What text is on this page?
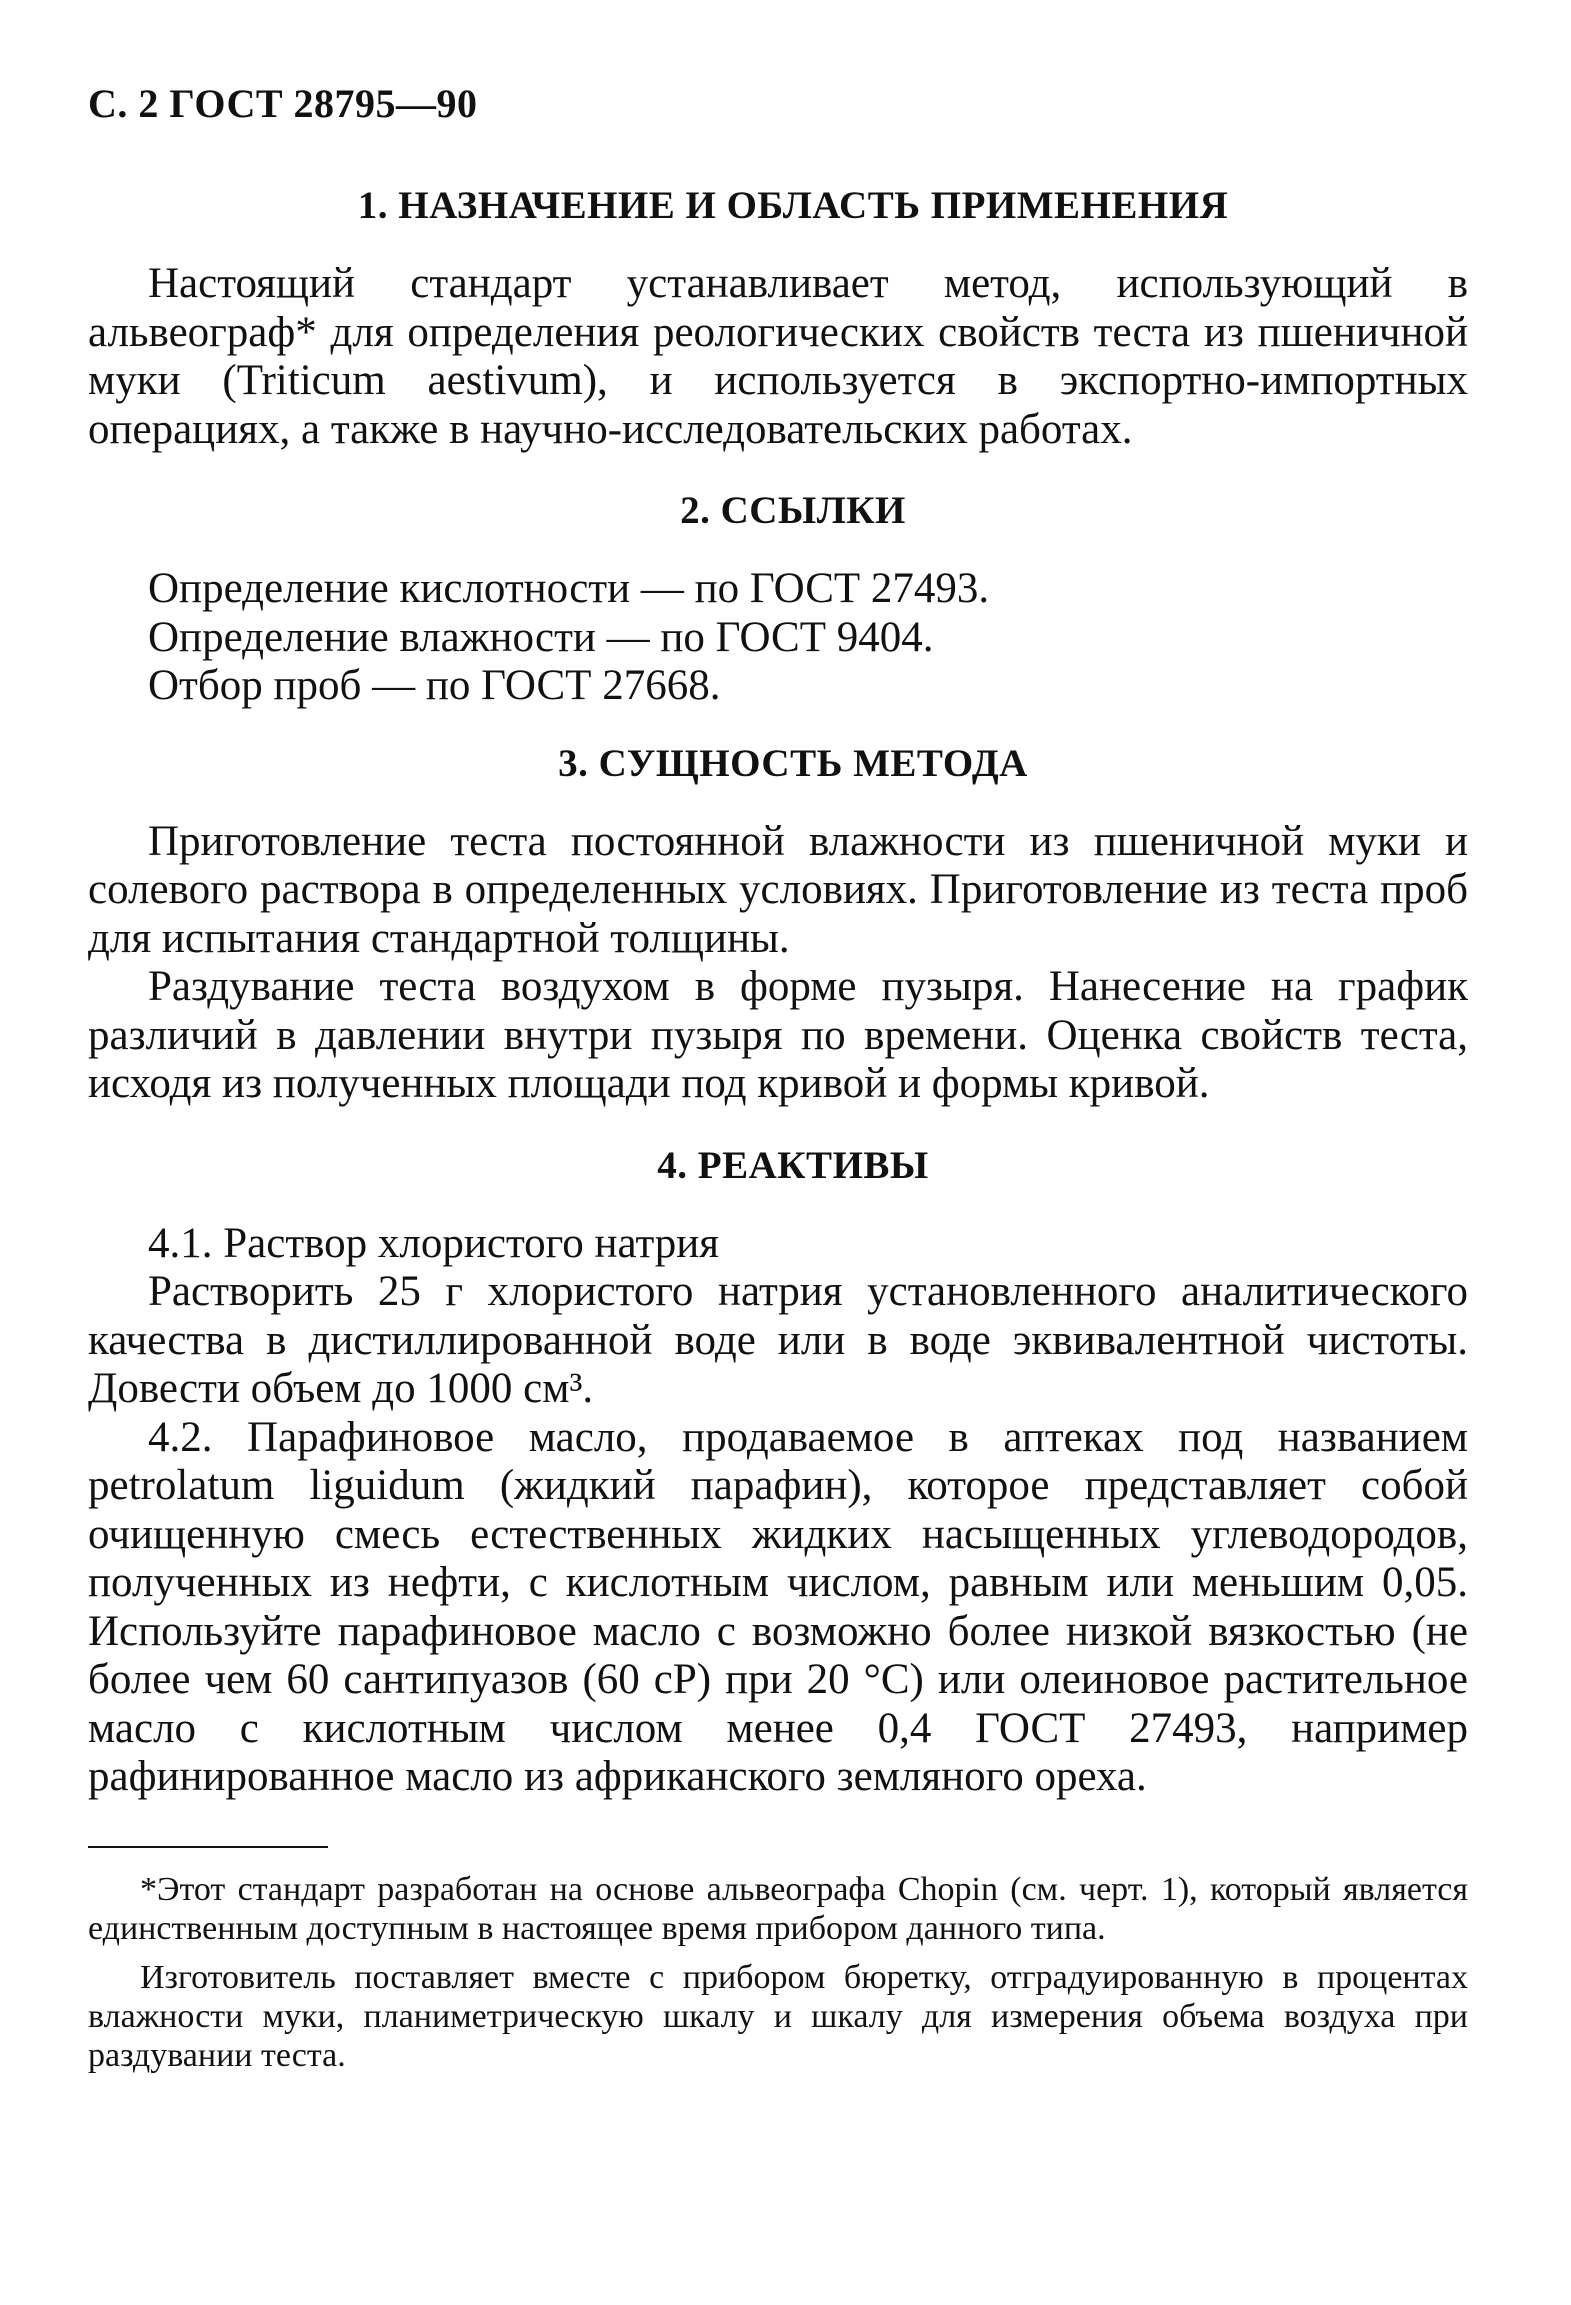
С. 2 ГОСТ 28795—90
1. НАЗНАЧЕНИЕ И ОБЛАСТЬ ПРИМЕНЕНИЯ

Настоящий стандарт устанавливает метод, использующий в альвеограф* для определения реологических свойств теста из пшеничной муки (Triticum aestivum), и используется в экспортно-импортных операциях, а также в научно-исследовательских работах.

2. ССЫЛКИ
Определение кислотности — по ГОСТ 27493.
Определение влажности — по ГОСТ 9404.
Отбор проб — по ГОСТ 27668.
3. СУЩНОСТЬ МЕТОДА

Приготовление теста постоянной влажности из пшеничной муки и солевого раствора в определенных условиях. Приготовление из теста проб для испытания стандартной толщины.

Раздувание теста воздухом в форме пузыря. Нанесение на график различий в давлении внутри пузыря по времени. Оценка свойств теста, исходя из полученных площади под кривой и формы кривой.

4. РЕАКТИВЫ

4.1. Раствор хлористого натрия

Растворить 25 г хлористого натрия установленного аналитического качества в дистиллированной воде или в воде эквивалентной чистоты. Довести объем до 1000 см³.

4.2. Парафиновое масло, продаваемое в аптеках под названием petrolatum liguidum (жидкий парафин), которое представляет собой очищенную смесь естественных жидких насыщенных углеводородов, полученных из нефти, с кислотным числом, равным или меньшим 0,05. Используйте парафиновое масло с возможно более низкой вязкостью (не более чем 60 сантипуазов (60 cP) при 20 °С) или олеиновое растительное масло с кислотным числом менее 0,4 ГОСТ 27493, например рафинированное масло из африканского земляного ореха.

*Этот стандарт разработан на основе альвеографа Chopin (см. черт. 1), который является единственным доступным в настоящее время прибором данного типа.

Изготовитель поставляет вместе с прибором бюретку, отградуированную в процентах влажности муки, планиметрическую шкалу и шкалу для измерения объема воздуха при раздувании теста.
